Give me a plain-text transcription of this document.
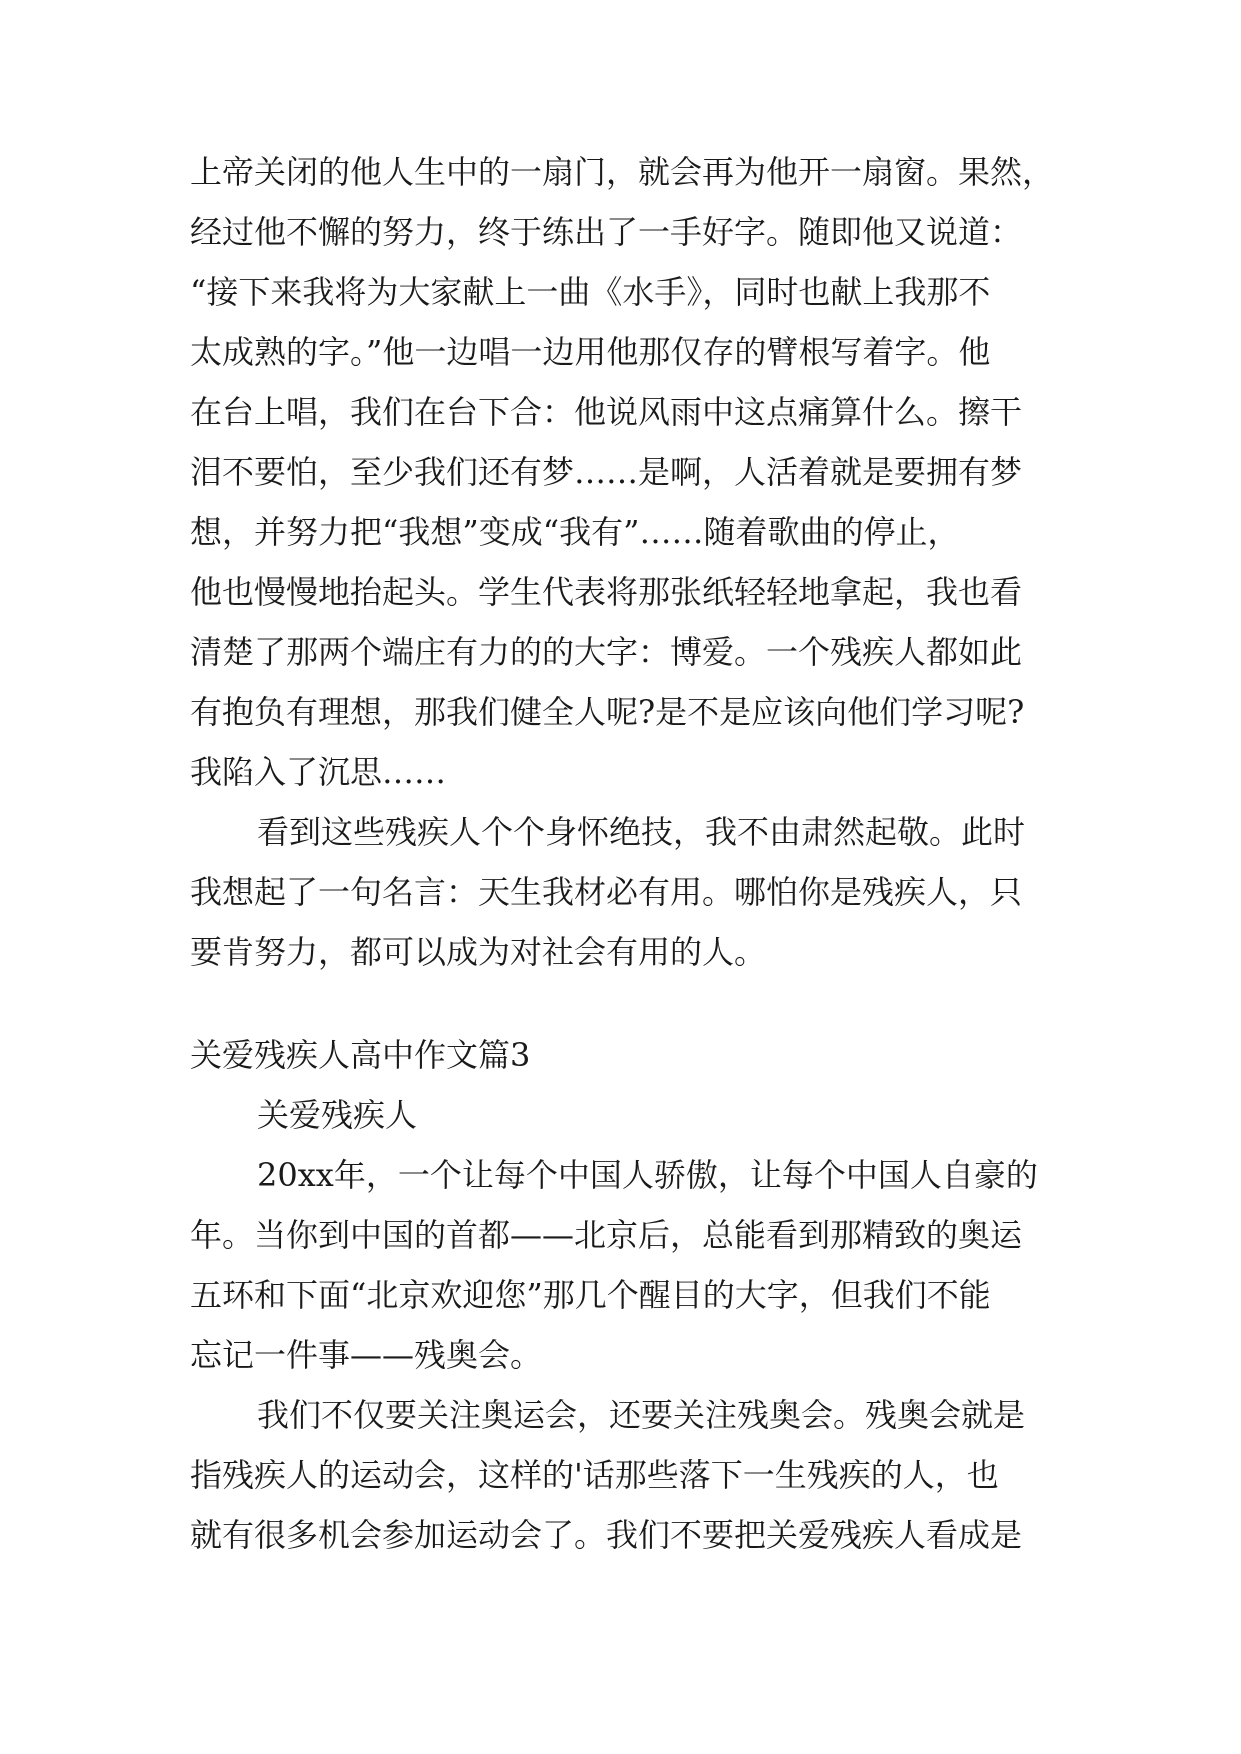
上帝关闭的他人生中的一扇门，就会再为他开一扇窗。果然，
经过他不懈的努力，终于练出了一手好字。随即他又说道：
“接下来我将为大家献上一曲《水手》，同时也献上我那不
太成熟的字。”他一边唱一边用他那仅存的臂根写着字。他
在台上唱，我们在台下合：他说风雨中这点痛算什么。擦干
泪不要怕，至少我们还有梦……是啊，人活着就是要拥有梦
想，并努力把“我想”变成“我有”……随着歌曲的停止，
他也慢慢地抬起头。学生代表将那张纸轻轻地拿起，我也看
清楚了那两个端庄有力的的大字：博爱。一个残疾人都如此
有抱负有理想，那我们健全人呢?是不是应该向他们学习呢?
我陷入了沉思……
看到这些残疾人个个身怀绝技，我不由肃然起敬。此时
我想起了一句名言：天生我材必有用。哪怕你是残疾人，只
要肯努力，都可以成为对社会有用的人。
关爱残疾人高中作文篇3
关爱残疾人
20xx年，一个让每个中国人骄傲，让每个中国人自豪的
年。当你到中国的首都——北京后，总能看到那精致的奥运
五环和下面“北京欢迎您”那几个醒目的大字，但我们不能
忘记一件事——残奥会。
我们不仅要关注奥运会，还要关注残奥会。残奥会就是
指残疾人的运动会，这样的'话那些落下一生残疾的人，也
就有很多机会参加运动会了。我们不要把关爱残疾人看成是
